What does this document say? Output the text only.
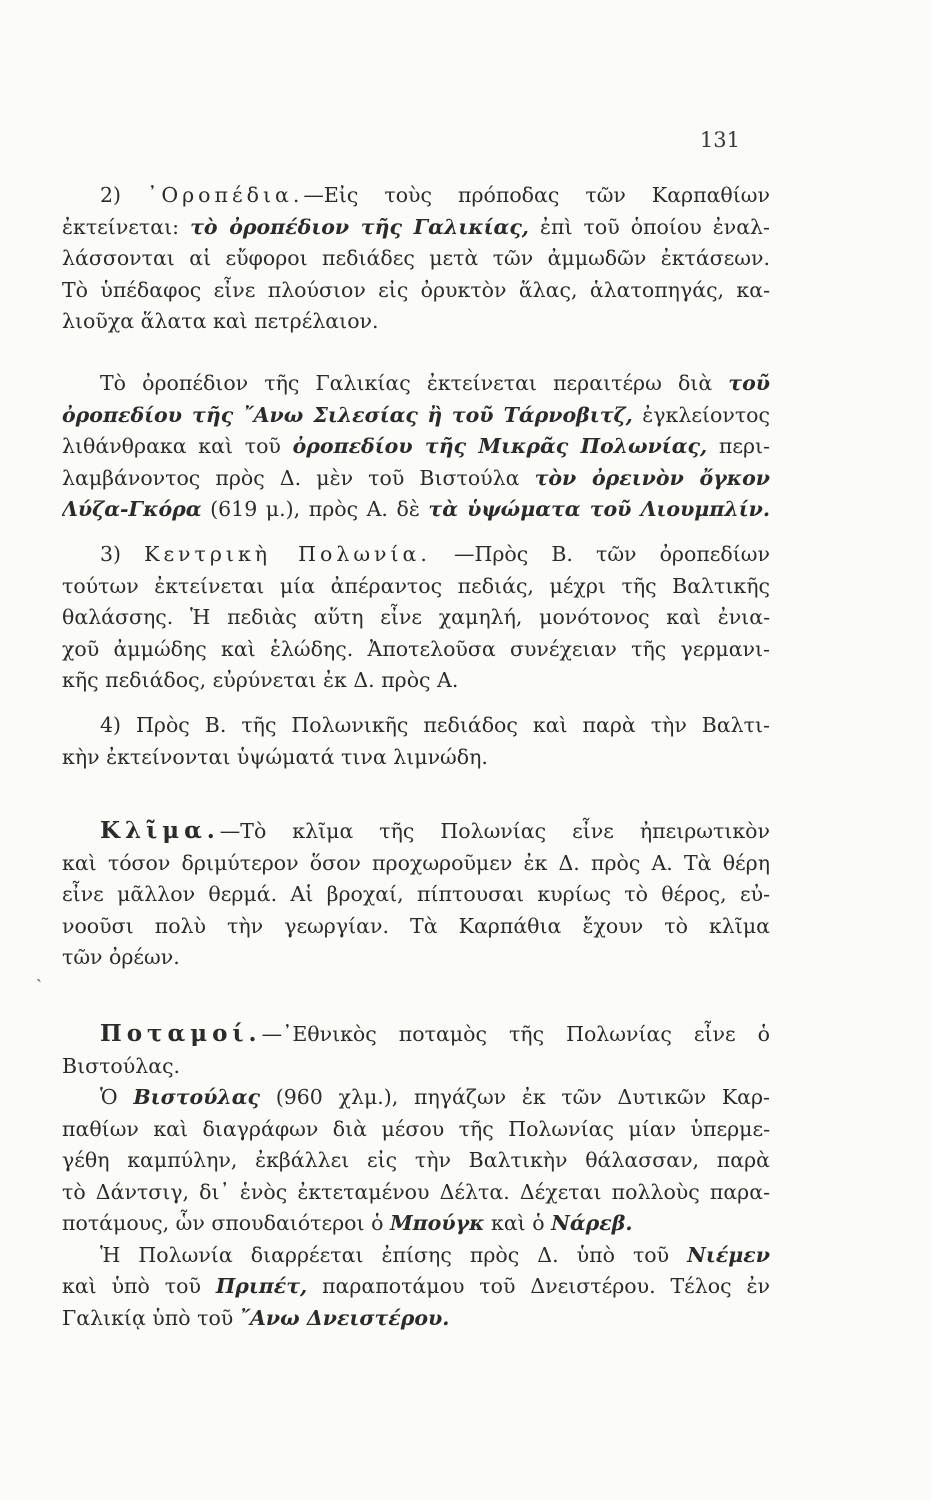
131
2) ᾿Οροπέδια.—Εἰς τοὺς πρόποδας τῶν Καρπαθίων
ἐκτείνεται: τὸ ὀροπέδιον τῆς Γαλικίας, ἐπὶ τοῦ ὁποίου ἐναλ-
λάσσονται αἱ εὔφοροι πεδιάδες μετὰ τῶν ἀμμωδῶν ἐκτάσεων.
Τὸ ὑπέδαφος εἶνε πλούσιον εἰς ὀρυκτὸν ἅλας, ἁλατοπηγάς, κα-
λιοῦχα ἅλατα καὶ πετρέλαιον.
Τὸ ὀροπέδιον τῆς Γαλικίας ἐκτείνεται περαιτέρω διὰ τοῦ
ὀροπεδίου τῆς ῎Ανω Σιλεσίας ἢ τοῦ Τάρνοβιτζ, ἐγκλείοντος
λιθάνθρακα καὶ τοῦ ὀροπεδίου τῆς Μικρᾶς Πολωνίας, περι-
λαμβάνοντος πρὸς Δ. μὲν τοῦ Βιστούλα τὸν ὀρεινὸν ὄγκον
Λύζα-Γκόρα (619 μ.), πρὸς Α. δὲ τὰ ὑψώματα τοῦ Λιουμπλίν.
3) Κεντρικὴ Πολωνία. —Πρὸς Β. τῶν ὀροπεδίων
τούτων ἐκτείνεται μία ἀπέραντος πεδιάς, μέχρι τῆς Βαλτικῆς
θαλάσσης. Ἡ πεδιὰς αὕτη εἶνε χαμηλή, μονότονος καὶ ἐνια-
χοῦ ἀμμώδης καὶ ἑλώδης. Ἀποτελοῦσα συνέχειαν τῆς γερμανι-
κῆς πεδιάδος, εὐρύνεται ἐκ Δ. πρὸς Α.
4) Πρὸς Β. τῆς Πολωνικῆς πεδιάδος καὶ παρὰ τὴν Βαλτι-
κὴν ἐκτείνονται ὑψώματά τινα λιμνώδη.
Κλῖμα.—Τὸ κλῖμα τῆς Πολωνίας εἶνε ἠπειρωτικὸν
καὶ τόσον δριμύτερον ὅσον προχωροῦμεν ἐκ Δ. πρὸς Α. Τὰ θέρη
εἶνε μᾶλλον θερμά. Αἱ βροχαί, πίπτουσαι κυρίως τὸ θέρος, εὐ-
νοοῦσι πολὺ τὴν γεωργίαν. Τὰ Καρπάθια ἔχουν τὸ κλῖμα
τῶν ὀρέων.
ˏ
Ποταμοί.—᾿Εθνικὸς ποταμὸς τῆς Πολωνίας εἶνε ὁ
Βιστούλας.
Ὁ Βιστούλας (960 χλμ.), πηγάζων ἐκ τῶν Δυτικῶν Καρ-
παθίων καὶ διαγράφων διὰ μέσου τῆς Πολωνίας μίαν ὑπερμε-
γέθη καμπύλην, ἐκβάλλει εἰς τὴν Βαλτικὴν θάλασσαν, παρὰ
τὸ Δάντσιγ, δι᾿ ἑνὸς ἐκτεταμένου Δέλτα. Δέχεται πολλοὺς παρα-
ποτάμους, ὧν σπουδαιότεροι ὁ Μπούγκ καὶ ὁ Νάρεβ.
Ἡ Πολωνία διαρρέεται ἐπίσης πρὸς Δ. ὑπὸ τοῦ Νιέμεν
καὶ ὑπὸ τοῦ Πριπέτ, παραποτάμου τοῦ Δνειστέρου. Τέλος ἐν
Γαλικίᾳ ὑπὸ τοῦ ῎Ανω Δνειστέρου.
